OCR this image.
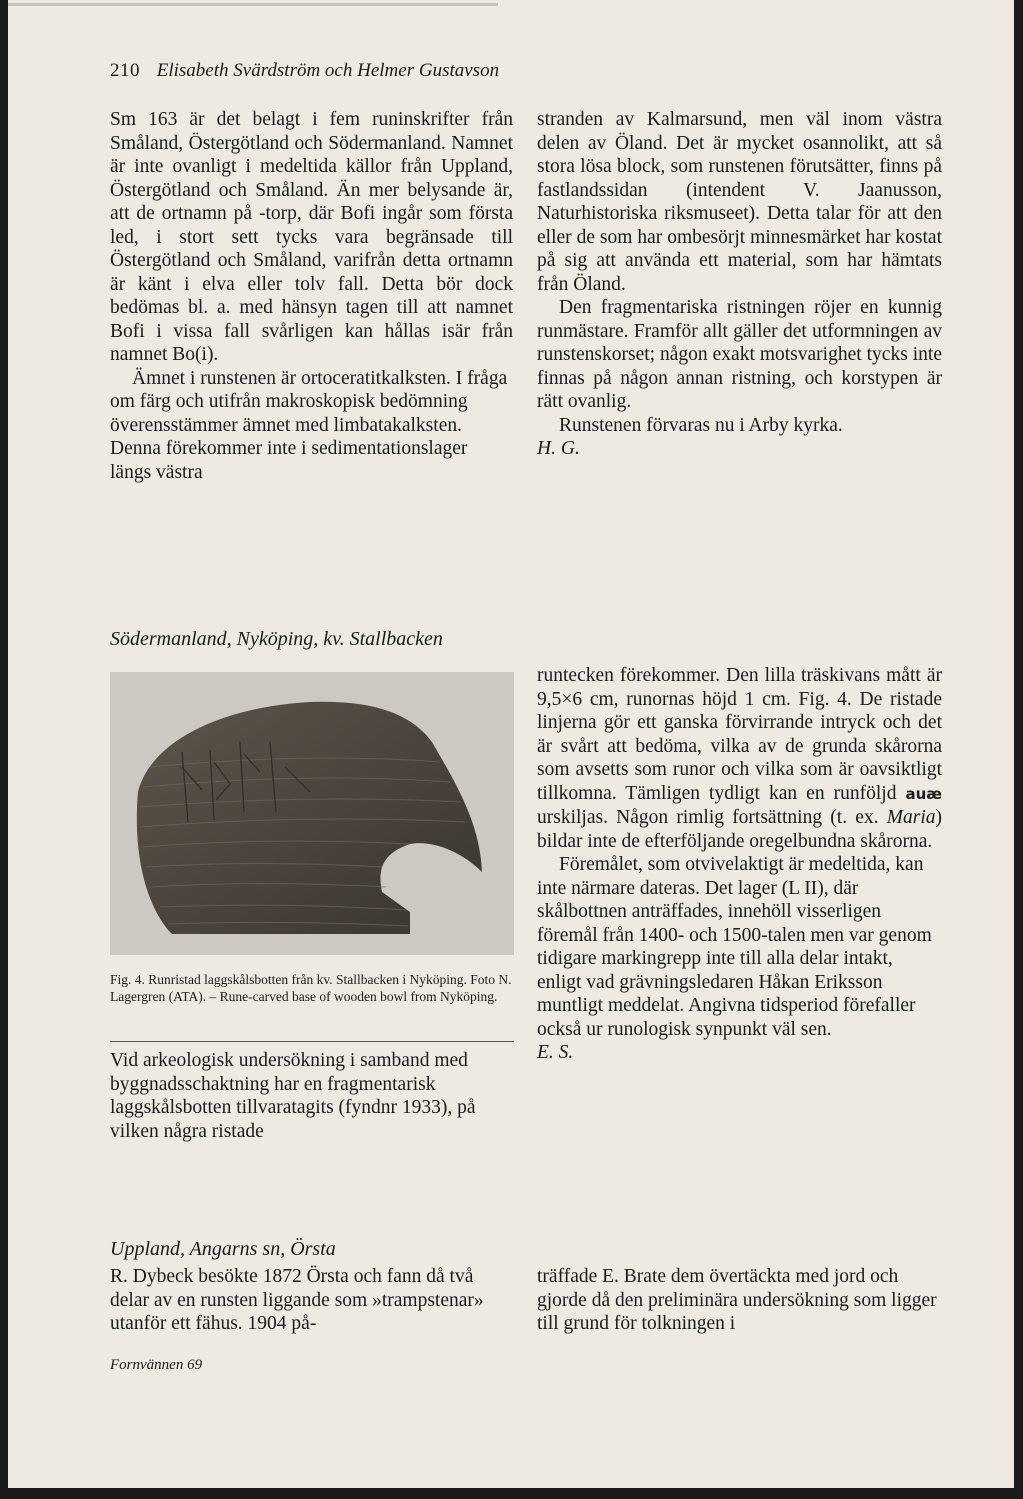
210 Elisabeth Svärdström och Helmer Gustavson

Sm 163 är det belagt i fem runinskrifter från Småland, Östergötland och Södermanland. Namnet är inte ovanligt i medeltida källor från Uppland, Östergötland och Småland. Än mer belysande är, att de ortnamn på -torp, där Bofi ingår som första led, i stort sett tycks vara begränsade till Östergötland och Småland, varifrån detta ortnamn är känt i elva eller tolv fall. Detta bör dock bedömas bl. a. med hänsyn tagen till att namnet Bofi i vissa fall svårligen kan hållas isär från namnet Bo(i).

Ämnet i runstenen är ortoceratitkalksten. I fråga om färg och utifrån makroskopisk bedömning överensstämmer ämnet med limbatakalksten. Denna förekommer inte i sedimentationslager längs västra

stranden av Kalmarsund, men väl inom västra delen av Öland. Det är mycket osannolikt, att så stora lösa block, som runstenen förutsätter, finns på fastlandssidan (intendent V. Jaanusson, Naturhistoriska riksmuseet). Detta talar för att den eller de som har ombesörjt minnesmärket har kostat på sig att använda ett material, som har hämtats från Öland.

Den fragmentariska ristningen röjer en kunnig runmästare. Framför allt gäller det utformningen av runstenskorset; någon exakt motsvarighet tycks inte finnas på någon annan ristning, och korstypen är rätt ovanlig.

Runstenen förvaras nu i Arby kyrka.

H. G.

Södermanland, Nyköping, kv. Stallbacken
Fig. 4. Runristad laggskålsbotten från kv. Stallbacken i Nyköping. Foto N. Lagergren (ATA). – Rune-carved base of wooden bowl from Nyköping.

Vid arkeologisk undersökning i samband med byggnadsschaktning har en fragmentarisk laggskålsbotten tillvaratagits (fyndnr 1933), på vilken några ristade

runtecken förekommer. Den lilla träskivans mått är 9,5×6 cm, runornas höjd 1 cm. Fig. 4. De ristade linjerna gör ett ganska förvirrande intryck och det är svårt att bedöma, vilka av de grunda skårorna som avsetts som runor och vilka som är oavsiktligt tillkomna. Tämligen tydligt kan en runföljd auæ urskiljas. Någon rimlig fortsättning (t. ex. Maria) bildar inte de efterföljande oregelbundna skårorna.

Föremålet, som otvivelaktigt är medeltida, kan inte närmare dateras. Det lager (L II), där skålbottnen anträffades, innehöll visserligen föremål från 1400- och 1500-talen men var genom tidigare markingrepp inte till alla delar intakt, enligt vad grävningsledaren Håkan Eriksson muntligt meddelat. Angivna tidsperiod förefaller också ur runologisk synpunkt väl sen.

E. S.

Uppland, Angarns sn, Örsta

R. Dybeck besökte 1872 Örsta och fann då två delar av en runsten liggande som »trampstenar» utanför ett fähus. 1904 på-

träffade E. Brate dem övertäckta med jord och gjorde då den preliminära undersökning som ligger till grund för tolkningen i

Fornvännen 69
